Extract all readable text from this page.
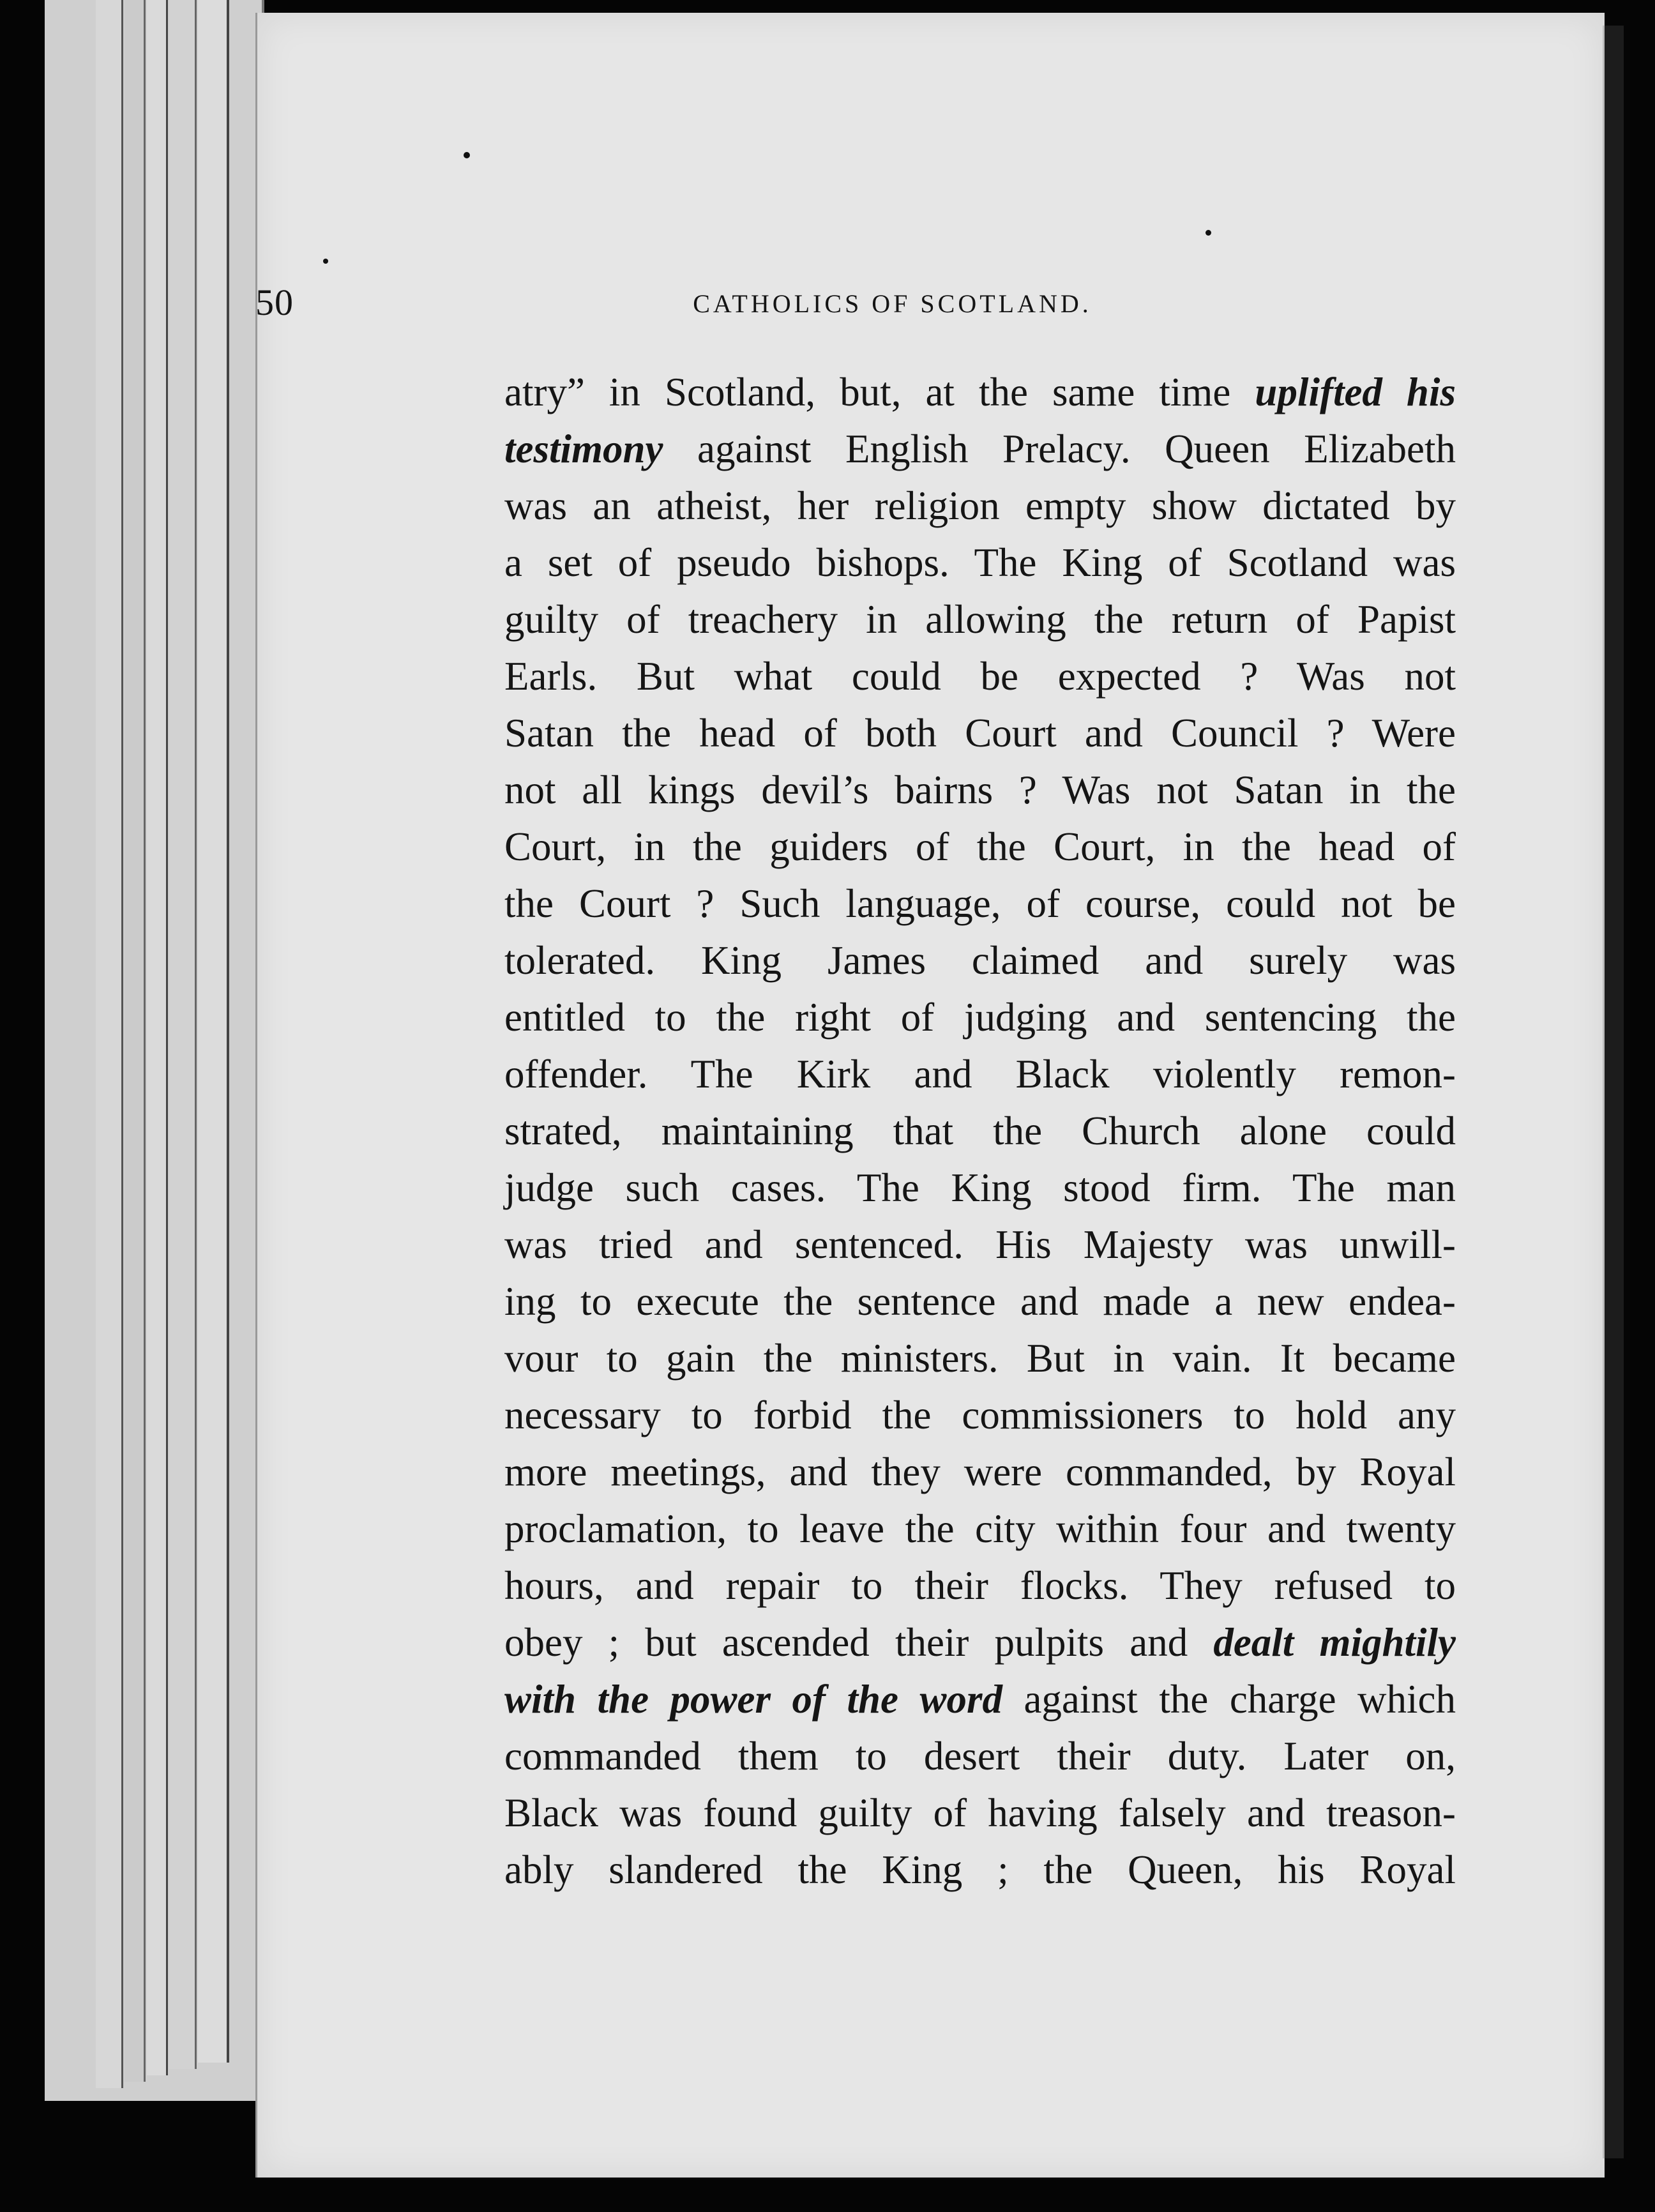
50	CATHOLICS OF SCOTLAND.
atry” in Scotland, but, at the same time uplifted his
testimony against English Prelacy. Queen Elizabeth
was an atheist, her religion empty show dictated by
a set of pseudo bishops. The King of Scotland was
guilty of treachery in allowing the return of Papist
Earls. But what could be expected ? Was not
Satan the head of both Court and Council ? Were
not all kings devil’s bairns ? Was not Satan in the
Court, in the guiders of the Court, in the head of
the Court ? Such language, of course, could not be
tolerated. King James claimed and surely was
entitled to the right of judging and sentencing the
offender. The Kirk and Black violently remon-
strated, maintaining that the Church alone could
judge such cases. The King stood firm. The man
was tried and sentenced. His Majesty was unwill-
ing to execute the sentence and made a new endea-
vour to gain the ministers. But in vain. It became
necessary to forbid the commissioners to hold any
more meetings, and they were commanded, by Royal
proclamation, to leave the city within four and twenty
hours, and repair to their flocks. They refused to
obey ; but ascended their pulpits and dealt mightily
with the power of the word against the charge which
commanded them to desert their duty. Later on,
Black was found guilty of having falsely and treason-
ably slandered the King ; the Queen, his Royal
